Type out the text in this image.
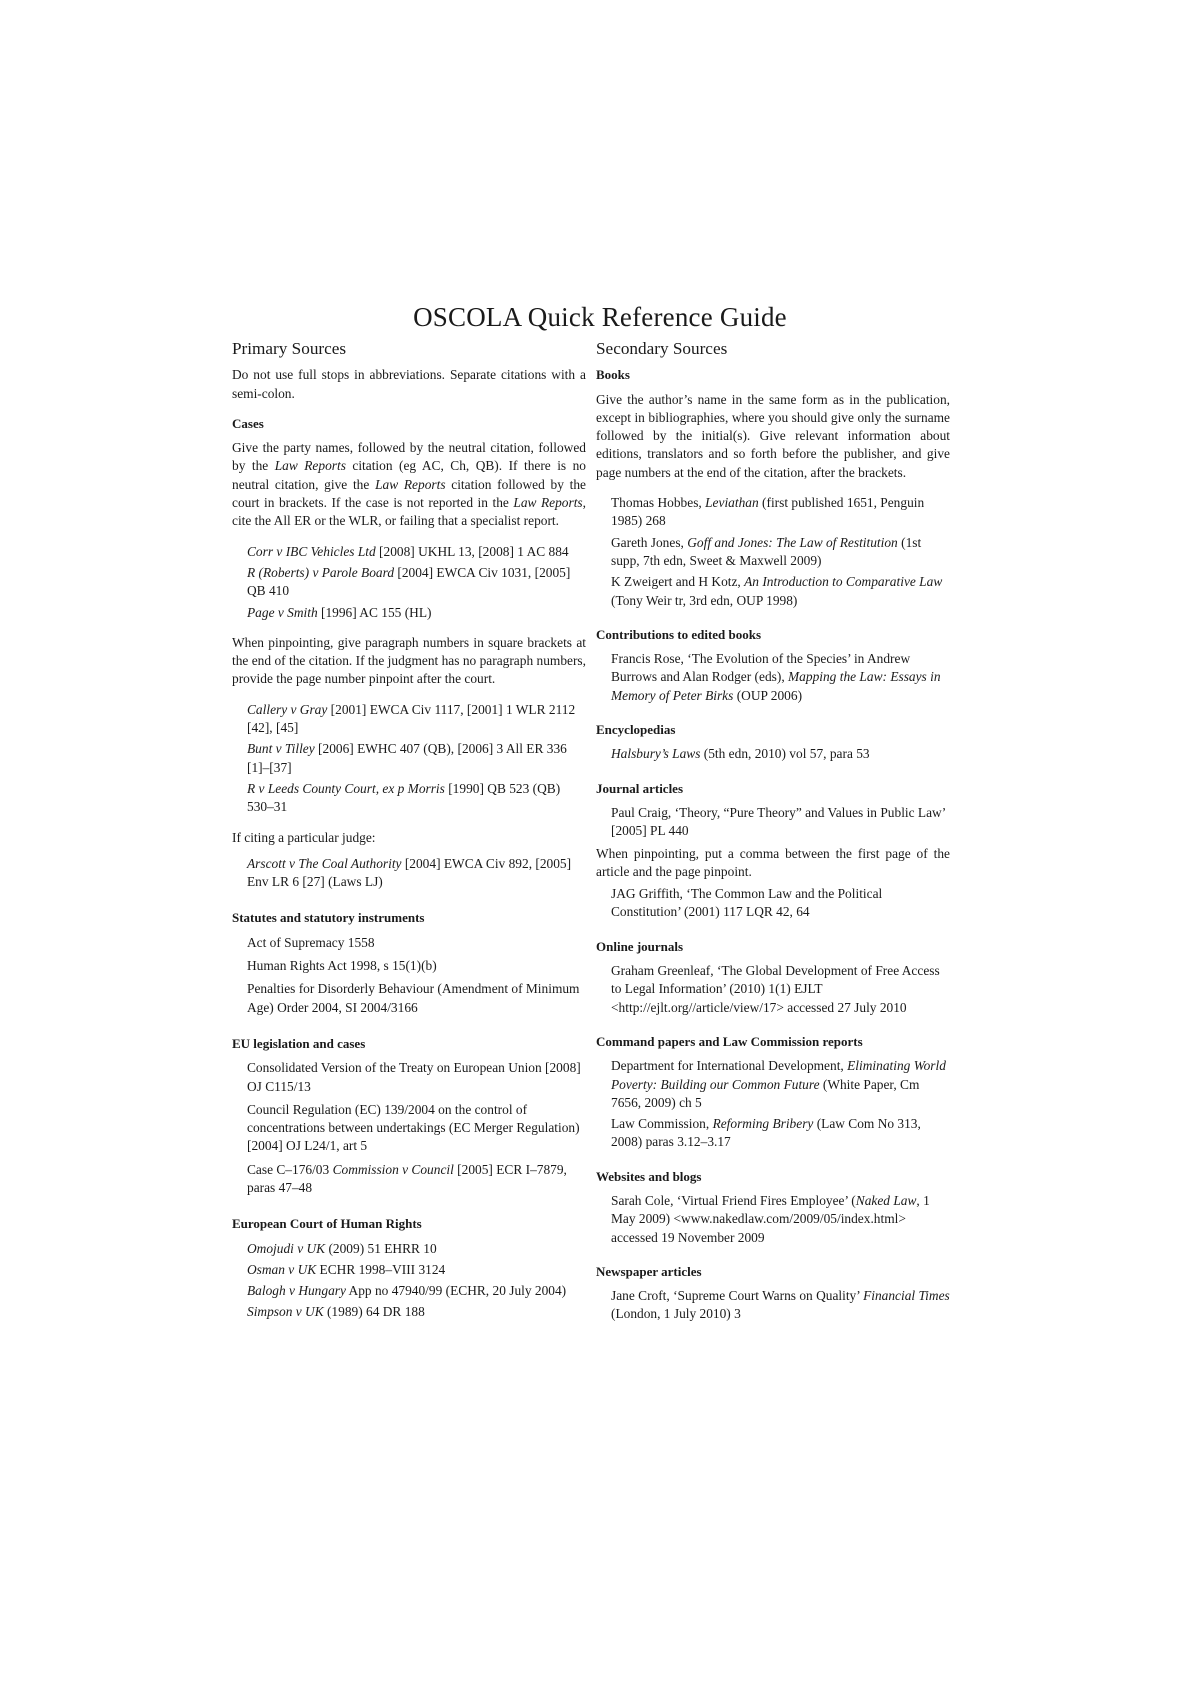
OSCOLA Quick Reference Guide
Primary Sources

Do not use full stops in abbreviations. Separate citations with a semi-colon.

Cases

Give the party names, followed by the neutral citation, followed by the Law Reports citation (eg AC, Ch, QB). If there is no neutral citation, give the Law Reports citation followed by the court in brackets. If the case is not reported in the Law Reports, cite the All ER or the WLR, or failing that a specialist report.

Corr v IBC Vehicles Ltd [2008] UKHL 13, [2008] 1 AC 884
R (Roberts) v Parole Board [2004] EWCA Civ 1031, [2005] QB 410
Page v Smith [1996] AC 155 (HL)

When pinpointing, give paragraph numbers in square brackets at the end of the citation. If the judgment has no paragraph numbers, provide the page number pinpoint after the court.

Callery v Gray [2001] EWCA Civ 1117, [2001] 1 WLR 2112 [42], [45]
Bunt v Tilley [2006] EWHC 407 (QB), [2006] 3 All ER 336 [1]–[37]
R v Leeds County Court, ex p Morris [1990] QB 523 (QB) 530–31

If citing a particular judge:

Arscott v The Coal Authority [2004] EWCA Civ 892, [2005] Env LR 6 [27] (Laws LJ)
Statutes and statutory instruments
Act of Supremacy 1558
Human Rights Act 1998, s 15(1)(b)
Penalties for Disorderly Behaviour (Amendment of Minimum Age) Order 2004, SI 2004/3166
EU legislation and cases
Consolidated Version of the Treaty on European Union [2008] OJ C115/13
Council Regulation (EC) 139/2004 on the control of concentrations between undertakings (EC Merger Regulation) [2004] OJ L24/1, art 5
Case C–176/03 Commission v Council [2005] ECR I–7879, paras 47–48
European Court of Human Rights
Omojudi v UK (2009) 51 EHRR 10
Osman v UK ECHR 1998–VIII 3124
Balogh v Hungary App no 47940/99 (ECHR, 20 July 2004)
Simpson v UK (1989) 64 DR 188
Secondary Sources
Books

Give the author’s name in the same form as in the publication, except in bibliographies, where you should give only the surname followed by the initial(s). Give relevant information about editions, translators and so forth before the publisher, and give page numbers at the end of the citation, after the brackets.

Thomas Hobbes, Leviathan (first published 1651, Penguin 1985) 268
Gareth Jones, Goff and Jones: The Law of Restitution (1st supp, 7th edn, Sweet & Maxwell 2009)
K Zweigert and H Kotz, An Introduction to Comparative Law (Tony Weir tr, 3rd edn, OUP 1998)
Contributions to edited books
Francis Rose, ‘The Evolution of the Species’ in Andrew Burrows and Alan Rodger (eds), Mapping the Law: Essays in Memory of Peter Birks (OUP 2006)
Encyclopedias
Halsbury’s Laws (5th edn, 2010) vol 57, para 53
Journal articles
Paul Craig, ‘Theory, “Pure Theory” and Values in Public Law’ [2005] PL 440

When pinpointing, put a comma between the first page of the article and the page pinpoint.

JAG Griffith, ‘The Common Law and the Political Constitution’ (2001) 117 LQR 42, 64
Online journals
Graham Greenleaf, ‘The Global Development of Free Access to Legal Information’ (2010) 1(1) EJLT <http://ejlt.org//article/view/17> accessed 27 July 2010
Command papers and Law Commission reports
Department for International Development, Eliminating World Poverty: Building our Common Future (White Paper, Cm 7656, 2009) ch 5
Law Commission, Reforming Bribery (Law Com No 313, 2008) paras 3.12–3.17
Websites and blogs
Sarah Cole, ‘Virtual Friend Fires Employee’ (Naked Law, 1 May 2009) <www.nakedlaw.com/2009/05/index.html> accessed 19 November 2009
Newspaper articles
Jane Croft, ‘Supreme Court Warns on Quality’ Financial Times (London, 1 July 2010) 3
